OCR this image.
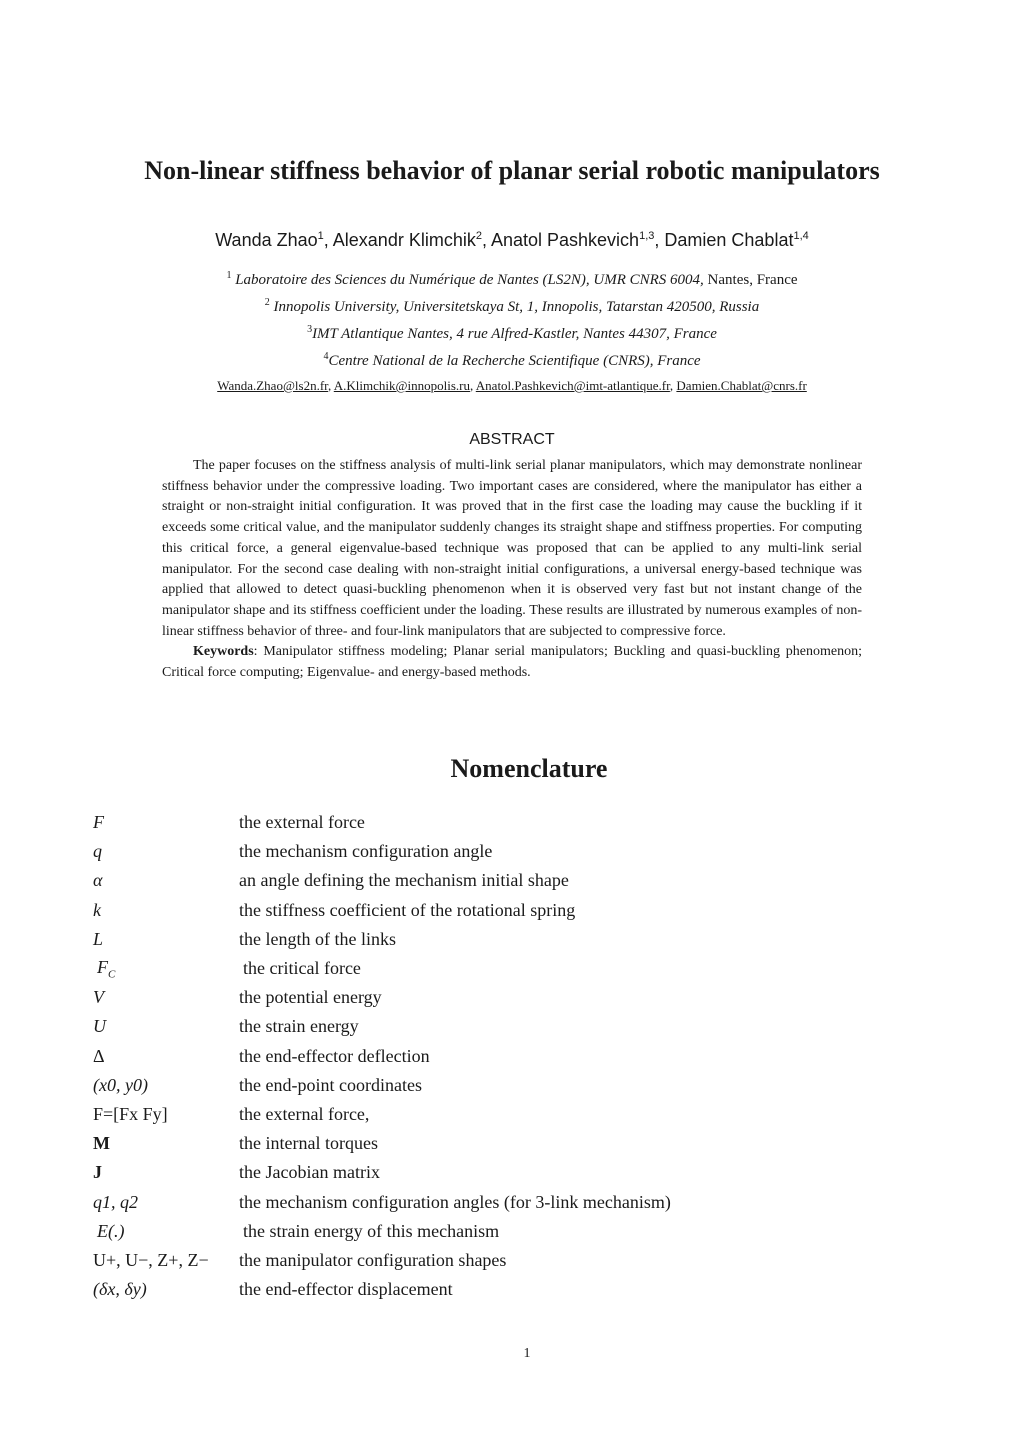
Non-linear stiffness behavior of planar serial robotic manipulators
Wanda Zhao$^1$, Alexandr Klimchik$^2$, Anatol Pashkevich$^{1,3}$, Damien Chablat$^{1,4}$
$^1$ Laboratoire des Sciences du Numérique de Nantes (LS2N), UMR CNRS 6004, Nantes, France
$^2$ Innopolis University, Universitetskaya St, 1, Innopolis, Tatarstan 420500, Russia
$^3$IMT Atlantique Nantes, 4 rue Alfred-Kastler, Nantes 44307, France
$^4$Centre National de la Recherche Scientifique (CNRS), France
Wanda.Zhao@ls2n.fr, A.Klimchik@innopolis.ru, Anatol.Pashkevich@imt-atlantique.fr, Damien.Chablat@cnrs.fr
ABSTRACT

The paper focuses on the stiffness analysis of multi-link serial planar manipulators, which may demonstrate nonlinear stiffness behavior under the compressive loading. Two important cases are considered, where the manipulator has either a straight or non-straight initial configuration. It was proved that in the first case the loading may cause the buckling if it exceeds some critical value, and the manipulator suddenly changes its straight shape and stiffness properties. For computing this critical force, a general eigenvalue-based technique was proposed that can be applied to any multi-link serial manipulator. For the second case dealing with non-straight initial configurations, a universal energy-based technique was applied that allowed to detect quasi-buckling phenomenon when it is observed very fast but not instant change of the manipulator shape and its stiffness coefficient under the loading. These results are illustrated by numerous examples of non-linear stiffness behavior of three- and four-link manipulators that are subjected to compressive force.

Keywords: Manipulator stiffness modeling; Planar serial manipulators; Buckling and quasi-buckling phenomenon; Critical force computing; Eigenvalue- and energy-based methods.

Nomenclature
F	the external force
q	the mechanism configuration angle
α	an angle defining the mechanism initial shape
k	the stiffness coefficient of the rotational spring
L	the length of the links
$F_C$	the critical force
V	the potential energy
U	the strain energy
Δ	the end-effector deflection
(x0, y0)	the end-point coordinates
F=[Fx Fy]	the external force,
M	the internal torques
J	the Jacobian matrix
q1, q2	the mechanism configuration angles (for 3-link mechanism)
E(.)	the strain energy of this mechanism
U+, U−, Z+, Z−	the manipulator configuration shapes
(δx, δy)	the end-effector displacement
1
